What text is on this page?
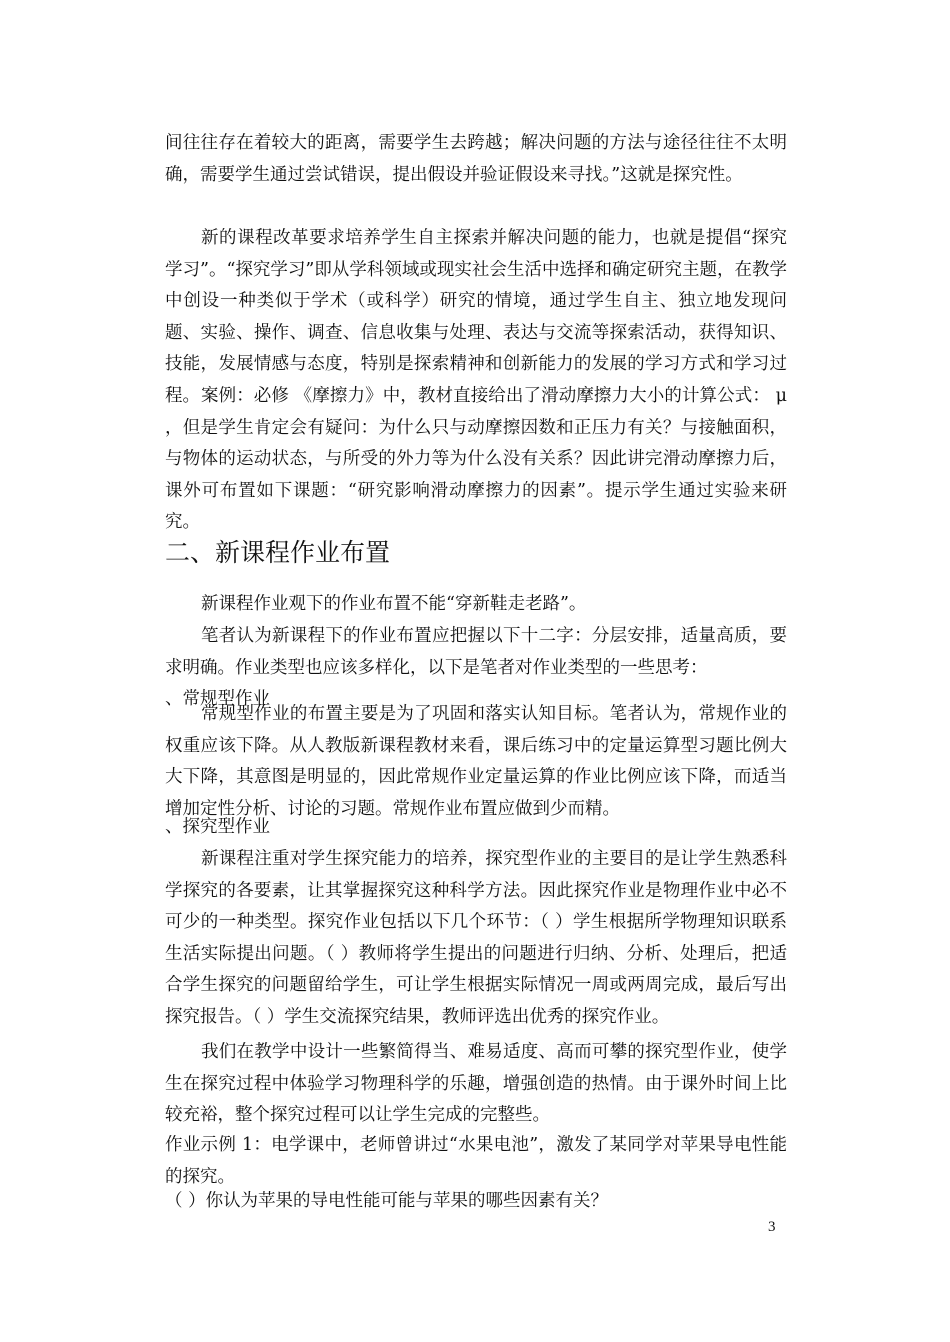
间往往存在着较大的距离，需要学生去跨越；解决问题的方法与途径往往不太明确，需要学生通过尝试错误，提出假设并验证假设来寻找。”这就是探究性。

新的课程改革要求培养学生自主探索并解决问题的能力，也就是提倡“探究学习”。“探究学习”即从学科领域或现实社会生活中选择和确定研究主题，在教学中创设一种类似于学术（或科学）研究的情境，通过学生自主、独立地发现问题、实验、操作、调查、信息收集与处理、表达与交流等探索活动，获得知识、技能，发展情感与态度，特别是探索精神和创新能力的发展的学习方式和学习过程。 案例：必修 《摩擦力》中，教材直接给出了滑动摩擦力大小的计算公式： μ ，但是学生肯定会有疑问：为什么只与动摩擦因数和正压力有关？与接触面积，与物体的运动状态，与所受的外力等为什么没有关系？因此讲完滑动摩擦力后，课外可布置如下课题：“研究影响滑动摩擦力的因素”。提示学生通过实验来研究。

二、新课程作业布置

新课程作业观下的作业布置不能“穿新鞋走老路”。

笔者认为新课程下的作业布置应把握以下十二字：分层安排，适量高质，要求明确。作业类型也应该多样化，以下是笔者对作业类型的一些思考：

、常规型作业

常规型作业的布置主要是为了巩固和落实认知目标。笔者认为，常规作业的权重应该下降。从人教版新课程教材来看，课后练习中的定量运算型习题比例大大下降，其意图是明显的，因此常规作业定量运算的作业比例应该下降，而适当增加定性分析、讨论的习题。常规作业布置应做到少而精。

、探究型作业

新课程注重对学生探究能力的培养，探究型作业的主要目的是让学生熟悉科学探究的各要素，让其掌握探究这种科学方法。因此探究作业是物理作业中必不可少的一种类型。探究作业包括以下几个环节：（ ）学生根据所学物理知识联系生活实际提出问题。（ ）教师将学生提出的问题进行归纳、分析、处理后，把适合学生探究的问题留给学生，可让学生根据实际情况一周或两周完成，最后写出探究报告。（ ）学生交流探究结果，教师评选出优秀的探究作业。

我们在教学中设计一些繁简得当、难易适度、高而可攀的探究型作业，使学生在探究过程中体验学习物理科学的乐趣，增强创造的热情。由于课外时间上比较充裕，整个探究过程可以让学生完成的完整些。

作业示例 1：电学课中，老师曾讲过“水果电池”，激发了某同学对苹果导电性能的探究。

（ ）你认为苹果的导电性能可能与苹果的哪些因素有关？

3
